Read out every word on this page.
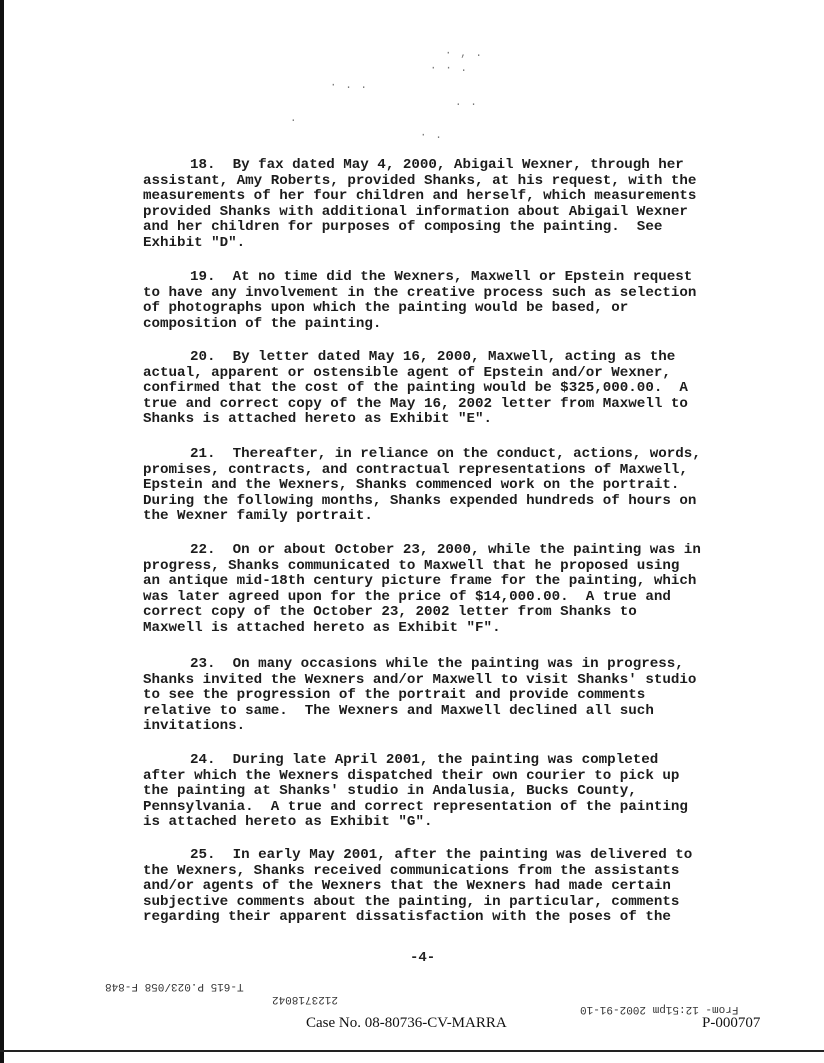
· , .
· · .
· . .
. .
.
· .
18.  By fax dated May 4, 2000, Abigail Wexner, through her
assistant, Amy Roberts, provided Shanks, at his request, with the
measurements of her four children and herself, which measurements
provided Shanks with additional information about Abigail Wexner
and her children for purposes of composing the painting.  See
Exhibit "D".
19.  At no time did the Wexners, Maxwell or Epstein request
to have any involvement in the creative process such as selection
of photographs upon which the painting would be based, or
composition of the painting.
20.  By letter dated May 16, 2000, Maxwell, acting as the
actual, apparent or ostensible agent of Epstein and/or Wexner,
confirmed that the cost of the painting would be $325,000.00.  A
true and correct copy of the May 16, 2002 letter from Maxwell to
Shanks is attached hereto as Exhibit "E".
21.  Thereafter, in reliance on the conduct, actions, words,
promises, contracts, and contractual representations of Maxwell,
Epstein and the Wexners, Shanks commenced work on the portrait.
During the following months, Shanks expended hundreds of hours on
the Wexner family portrait.
22.  On or about October 23, 2000, while the painting was in
progress, Shanks communicated to Maxwell that he proposed using
an antique mid-18th century picture frame for the painting, which
was later agreed upon for the price of $14,000.00.  A true and
correct copy of the October 23, 2002 letter from Shanks to
Maxwell is attached hereto as Exhibit "F".
23.  On many occasions while the painting was in progress,
Shanks invited the Wexners and/or Maxwell to visit Shanks' studio
to see the progression of the portrait and provide comments
relative to same.  The Wexners and Maxwell declined all such
invitations.
24.  During late April 2001, the painting was completed
after which the Wexners dispatched their own courier to pick up
the painting at Shanks' studio in Andalusia, Bucks County,
Pennsylvania.  A true and correct representation of the painting
is attached hereto as Exhibit "G".
25.  In early May 2001, after the painting was delivered to
the Wexners, Shanks received communications from the assistants
and/or agents of the Wexners that the Wexners had made certain
subjective comments about the painting, in particular, comments
regarding their apparent dissatisfaction with the poses of the
-4-
T-615 P.023/058 F-848
2123718042
From- 12:51pm 2002-91-10
Case No. 08-80736-CV-MARRA	P-000707
